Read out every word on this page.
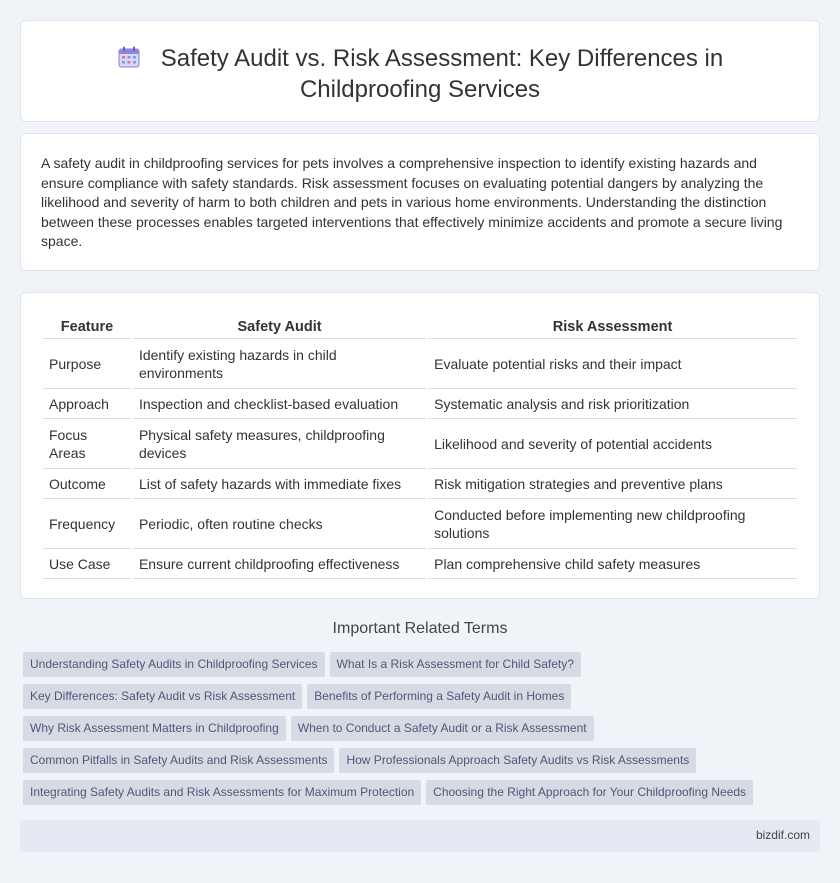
Safety Audit vs. Risk Assessment: Key Differences in
Childproofing Services

A safety audit in childproofing services for pets involves a comprehensive inspection to identify existing hazards and ensure compliance with safety standards. Risk assessment focuses on evaluating potential dangers by analyzing the likelihood and severity of harm to both children and pets in various home environments. Understanding the distinction between these processes enables targeted interventions that effectively minimize accidents and promote a secure living space.

Feature	Safety Audit	Risk Assessment
Purpose	Identify existing hazards in child environments	Evaluate potential risks and their impact
Approach	Inspection and checklist-based evaluation	Systematic analysis and risk prioritization
Focus Areas	Physical safety measures, childproofing devices	Likelihood and severity of potential accidents
Outcome	List of safety hazards with immediate fixes	Risk mitigation strategies and preventive plans
Frequency	Periodic, often routine checks	Conducted before implementing new childproofing solutions
Use Case	Ensure current childproofing effectiveness	Plan comprehensive child safety measures
Important Related Terms
Understanding Safety Audits in Childproofing Services What Is a Risk Assessment for Child Safety?
Key Differences: Safety Audit vs Risk Assessment Benefits of Performing a Safety Audit in Homes
Why Risk Assessment Matters in Childproofing When to Conduct a Safety Audit or a Risk Assessment
Common Pitfalls in Safety Audits and Risk Assessments How Professionals Approach Safety Audits vs Risk Assessments
Integrating Safety Audits and Risk Assessments for Maximum Protection Choosing the Right Approach for Your Childproofing Needs
bizdif.com
